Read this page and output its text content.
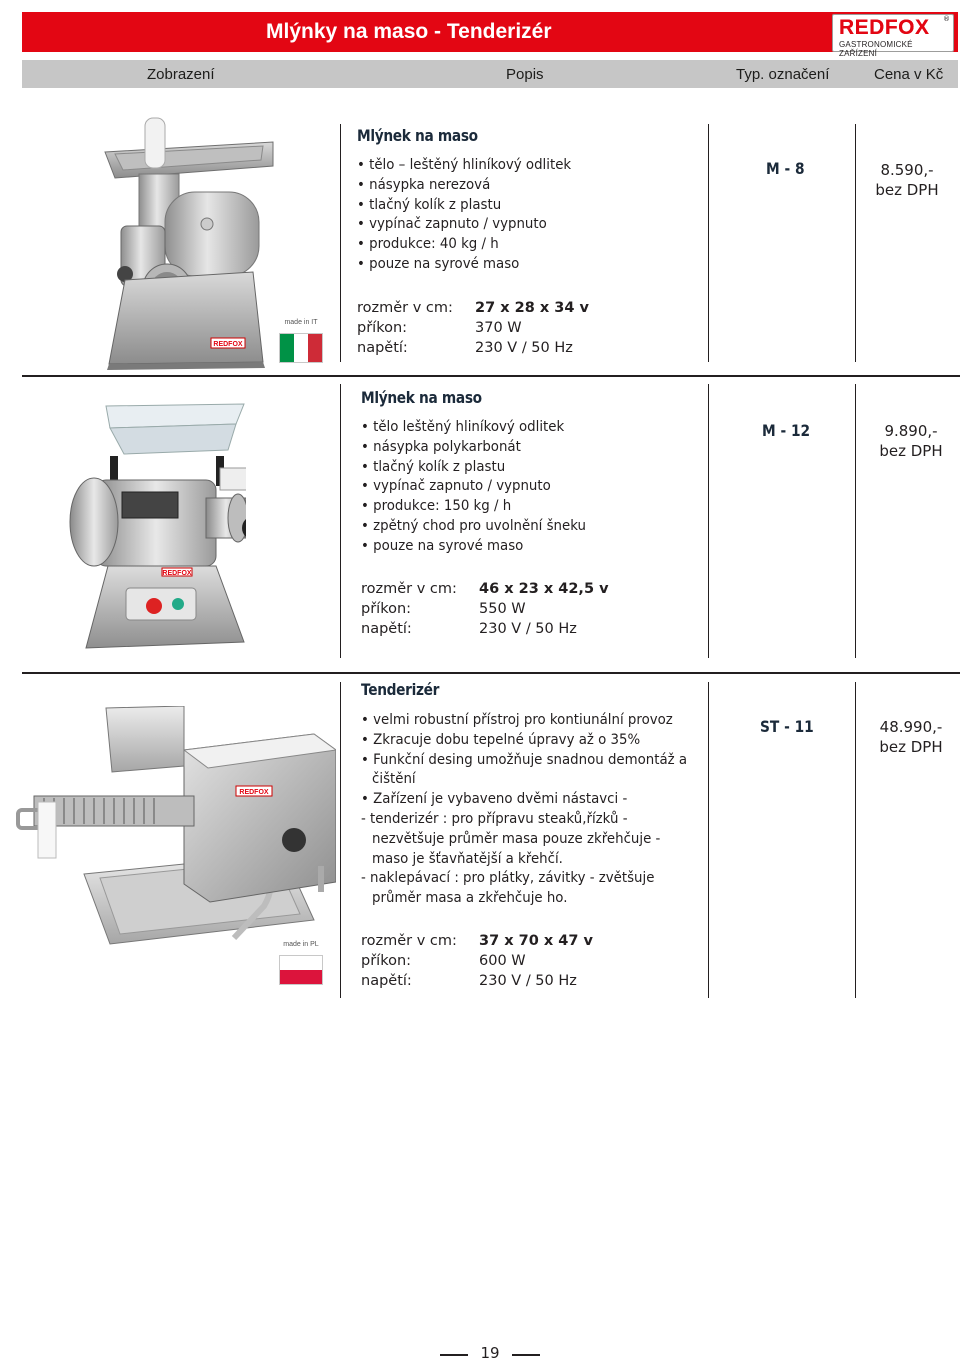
Mlýnky na maso - Tenderizér	REDFOX ®
GASTRONOMICKÉ ZAŘÍZENÍ
Zobrazení	Popis	Typ. označení	Cena v Kč
REDFOX
made in IT
Mlýnek na maso
• tělo – leštěný hliníkový odlitek
• násypka nerezová
• tlačný kolík z plastu
• vypínač zapnuto / vypnuto
• produkce: 40 kg / h
• pouze na syrové maso
rozměr v cm: 27 x 28 x 34 v
příkon:	370 W
napětí:	230 V / 50 Hz
M - 8	8.590,-
bez DPH
REDFOX
Mlýnek na maso
• tělo leštěný hliníkový odlitek
• násypka polykarbonát
• tlačný kolík z plastu
• vypínač zapnuto / vypnuto
• produkce: 150 kg / h
• zpětný chod pro uvolnění šneku
• pouze na syrové maso
rozměr v cm: 46 x 23 x 42,5 v
příkon:	550 W
napětí:	230 V / 50 Hz
M - 12	9.890,-
bez DPH
REDFOX
made in PL
Tenderizér
• velmi robustní přístroj pro kontiunální provoz
• Zkracuje dobu tepelné úpravy až o 35%
• Funkční desing umožňuje snadnou demontáž a čištění
• Zařízení je vybaveno dvěmi nástavci -
- tenderizér : pro přípravu steaků,řízků - nezvětšuje průměr masa pouze zkřehčuje - maso je šťavňatější a křehčí.
- naklepávací : pro plátky, závitky - zvětšuje průměr masa a zkřehčuje ho.
rozměr v cm: 37 x 70 x 47 v
příkon:	600 W
napětí:	230 V / 50 Hz
ST - 11	48.990,-
bez DPH
19
